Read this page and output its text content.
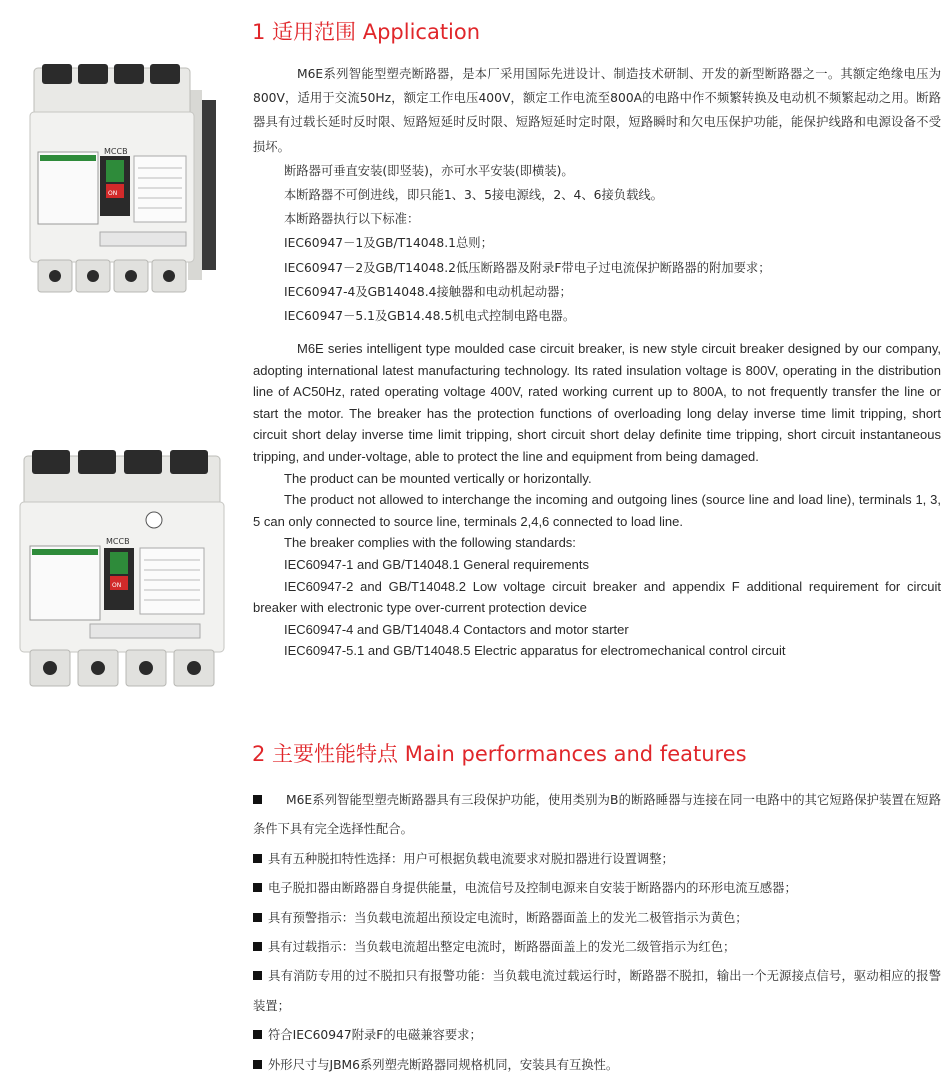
1 适用范围 Application
MCCB
ON

M6E系列智能型塑壳断路器，是本厂采用国际先进设计、制造技术研制、开发的新型断路器之一。其额定绝缘电压为800V，适用于交流50Hz，额定工作电压400V，额定工作电流至800A的电路中作不频繁转换及电动机不频繁起动之用。断路器具有过载长延时反时限、短路短延时反时限、短路短延时定时限，短路瞬时和欠电压保护功能，能保护线路和电源设备不受损坏。

断路器可垂直安装(即竖装)，亦可水平安装(即横装)。

本断路器不可倒进线，即只能1、3、5接电源线，2、4、6接负载线。

本断路器执行以下标准：

IEC60947－1及GB/T14048.1总则；

IEC60947－2及GB/T14048.2低压断路器及附录F带电子过电流保护断路器的附加要求；

IEC60947-4及GB14048.4接触器和电动机起动器；

IEC60947－5.1及GB14.48.5机电式控制电路电器。

MCCB
ON

M6E series intelligent type moulded case circuit breaker, is new style circuit breaker designed by our company, adopting international latest manufacturing technology. Its rated insulation voltage is 800V, operating in the distribution line of AC50Hz, rated operating voltage 400V, rated working current up to 800A, to not frequently transfer the line or start the motor. The breaker has the protection functions of overloading long delay inverse time limit tripping, short circuit short delay inverse time limit tripping, short circuit short delay definite time tripping, short circuit instantaneous tripping, and under-voltage, able to protect the line and equipment from being damaged.

The product can be mounted vertically or horizontally.

The product not allowed to interchange the incoming and outgoing lines (source line and load line), terminals 1, 3, 5 can only connected to source line, terminals 2,4,6 connected to load line.

The breaker complies with the following standards:

IEC60947-1 and GB/T14048.1 General requirements

IEC60947-2 and GB/T14048.2 Low voltage circuit breaker and appendix F additional requirement for circuit breaker with electronic type over-current protection device

IEC60947-4 and GB/T14048.4 Contactors and motor starter

IEC60947-5.1 and GB/T14048.5 Electric apparatus for electromechanical control circuit

2 主要性能特点 Main performances and features

M6E系列智能型塑壳断路器具有三段保护功能，使用类别为B的断路睡器与连接在同一电路中的其它短路保护装置在短路条件下具有完全选择性配合。

具有五种脱扣特性选择：用户可根据负载电流要求对脱扣器进行设置调整；

电子脱扣器由断路器自身提供能量，电流信号及控制电源来自安装于断路器内的环形电流互感器；

具有预警指示：当负载电流超出预设定电流时，断路器面盖上的发光二极管指示为黄色；

具有过载指示：当负载电流超出整定电流时，断路器面盖上的发光二级管指示为红色；

具有消防专用的过不脱扣只有报警功能：当负载电流过载运行时，断路器不脱扣，输出一个无源接点信号，驱动相应的报警装置；

符合IEC60947附录F的电磁兼容要求；

外形尺寸与JBM6系列塑壳断路器同规格机同，安装具有互换性。
